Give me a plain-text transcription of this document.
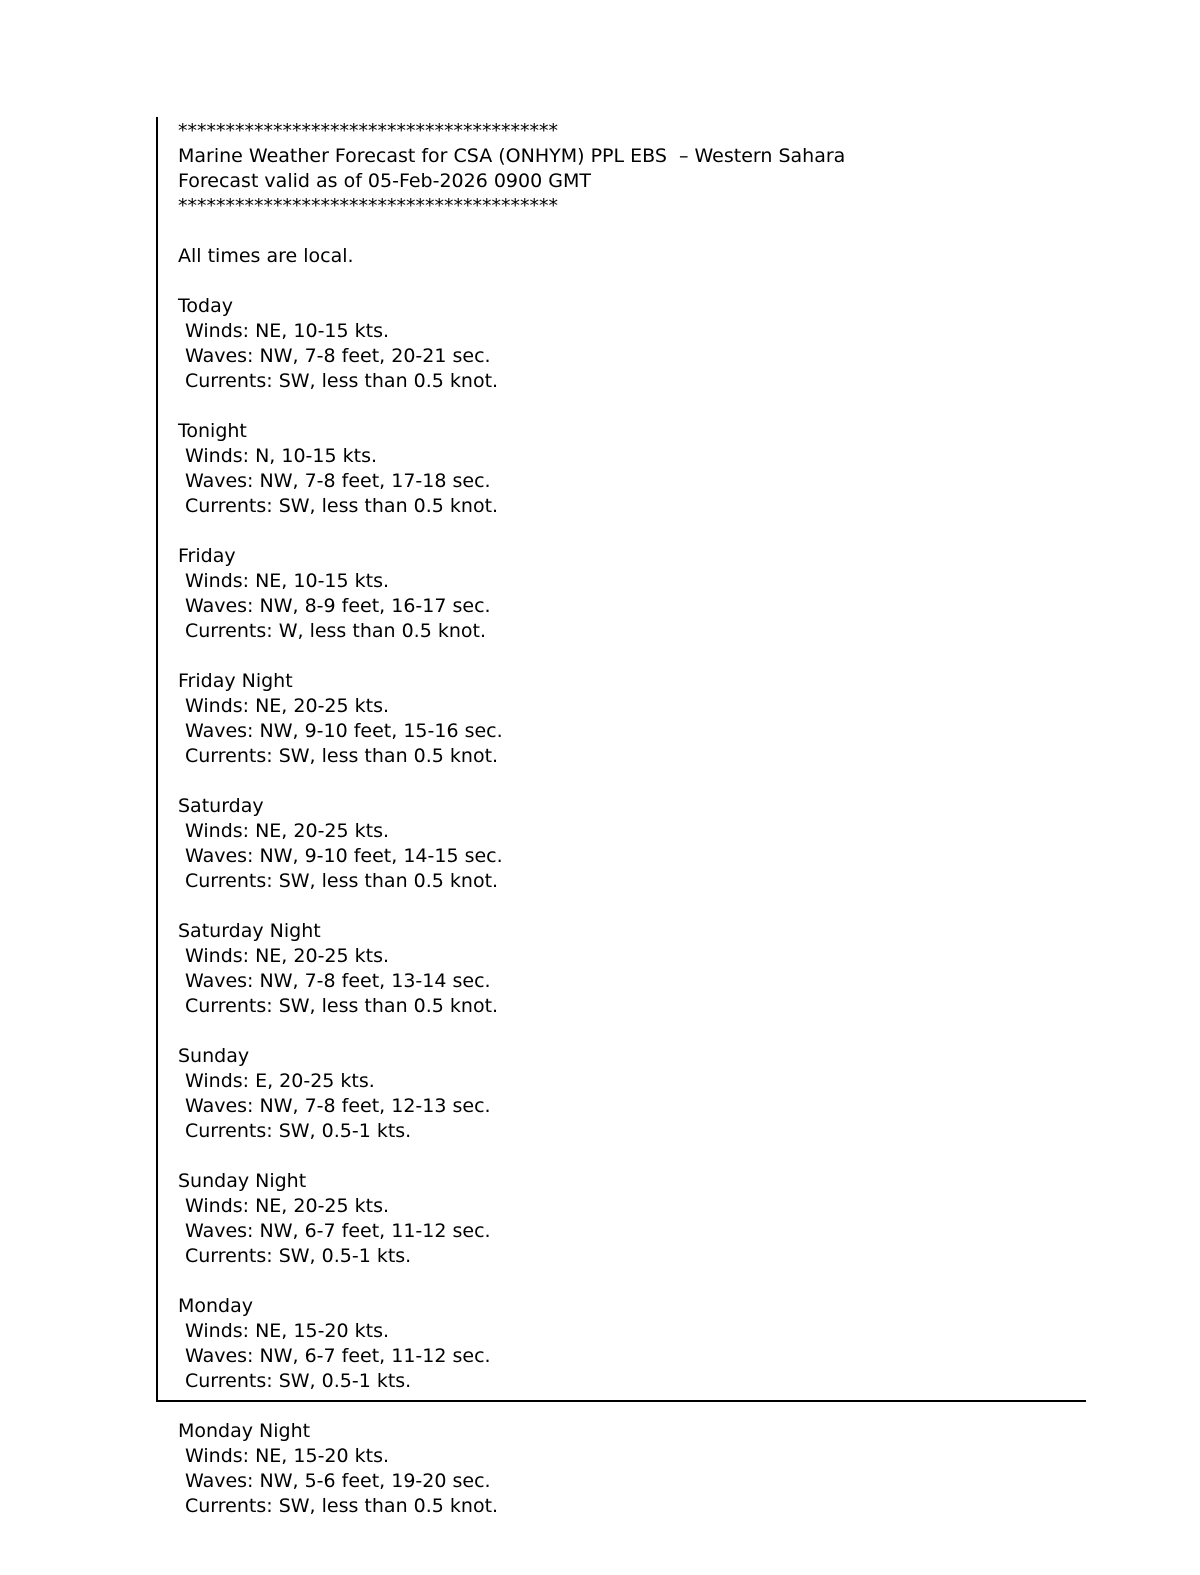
****************************************
Marine Weather Forecast for CSA (ONHYM) PPL EBS  – Western Sahara
Forecast valid as of 05-Feb-2026 0900 GMT
****************************************
All times are local.
Today
Winds: NE, 10-15 kts.
Waves: NW, 7-8 feet, 20-21 sec.
Currents: SW, less than 0.5 knot.
Tonight
Winds: N, 10-15 kts.
Waves: NW, 7-8 feet, 17-18 sec.
Currents: SW, less than 0.5 knot.
Friday
Winds: NE, 10-15 kts.
Waves: NW, 8-9 feet, 16-17 sec.
Currents: W, less than 0.5 knot.
Friday Night
Winds: NE, 20-25 kts.
Waves: NW, 9-10 feet, 15-16 sec.
Currents: SW, less than 0.5 knot.
Saturday
Winds: NE, 20-25 kts.
Waves: NW, 9-10 feet, 14-15 sec.
Currents: SW, less than 0.5 knot.
Saturday Night
Winds: NE, 20-25 kts.
Waves: NW, 7-8 feet, 13-14 sec.
Currents: SW, less than 0.5 knot.
Sunday
Winds: E, 20-25 kts.
Waves: NW, 7-8 feet, 12-13 sec.
Currents: SW, 0.5-1 kts.
Sunday Night
Winds: NE, 20-25 kts.
Waves: NW, 6-7 feet, 11-12 sec.
Currents: SW, 0.5-1 kts.
Monday
Winds: NE, 15-20 kts.
Waves: NW, 6-7 feet, 11-12 sec.
Currents: SW, 0.5-1 kts.
Monday Night
Winds: NE, 15-20 kts.
Waves: NW, 5-6 feet, 19-20 sec.
Currents: SW, less than 0.5 knot.
